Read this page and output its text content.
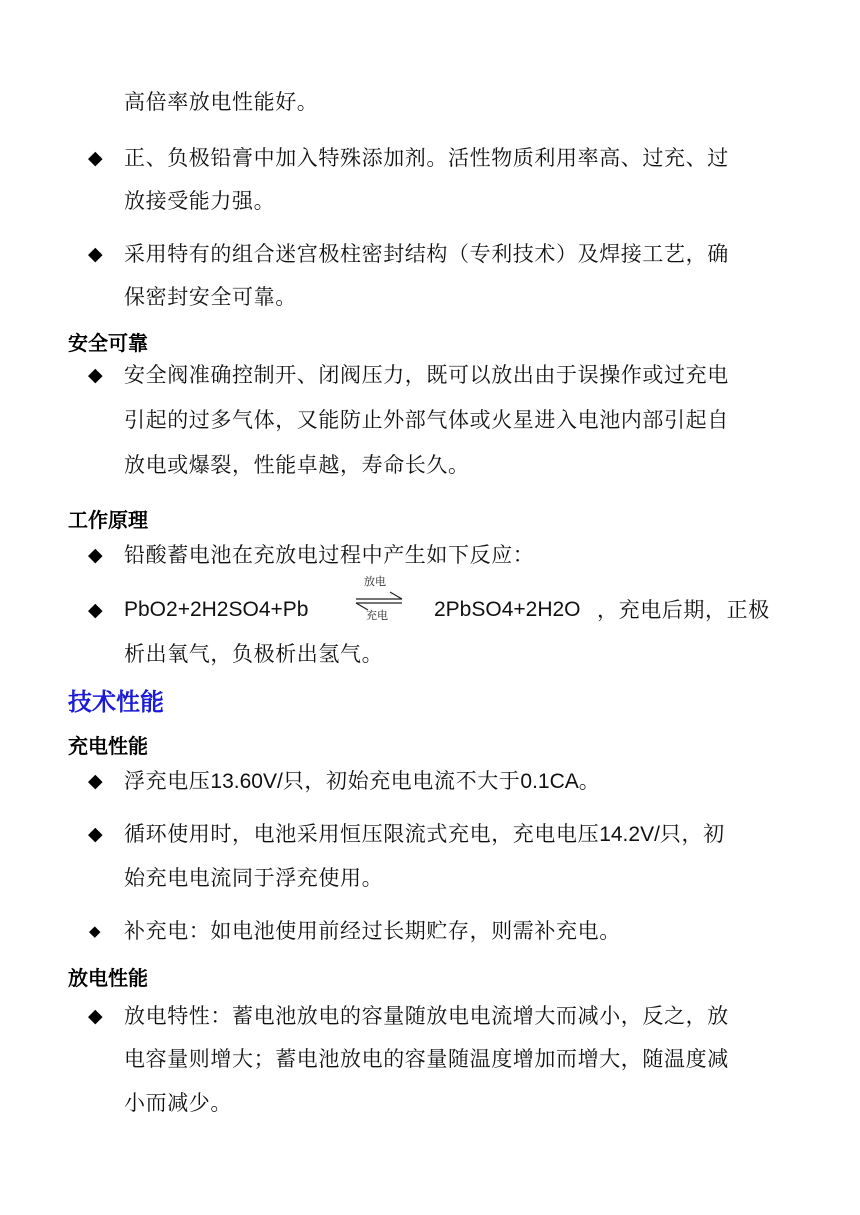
高倍率放电性能好。
◆ 正、负极铅膏中加入特殊添加剂。活性物质利用率高、过充、过
放接受能力强。
◆ 采用特有的组合迷宫极柱密封结构（专利技术）及焊接工艺，确
保密封安全可靠。
安全可靠
◆ 安全阀准确控制开、闭阀压力，既可以放出由于误操作或过充电
引起的过多气体，又能防止外部气体或火星进入电池内部引起自
放电或爆裂，性能卓越，寿命长久。
工作原理
◆ 铅酸蓄电池在充放电过程中产生如下反应：
◆ PbO2+2H2SO4+Pb
放电
充电 2PbSO4+2H2O ，充电后期，正极
析出氧气，负极析出氢气。
技术性能
充电性能
◆ 浮充电压13.60V/只，初始充电电流不大于0.1CA。
◆ 循环使用时，电池采用恒压限流式充电，充电电压14.2V/只，初
始充电电流同于浮充使用。
◆ 补充电：如电池使用前经过长期贮存，则需补充电。
放电性能
◆ 放电特性：蓄电池放电的容量随放电电流增大而减小，反之，放
电容量则增大；蓄电池放电的容量随温度增加而增大，随温度减
小而减少。
